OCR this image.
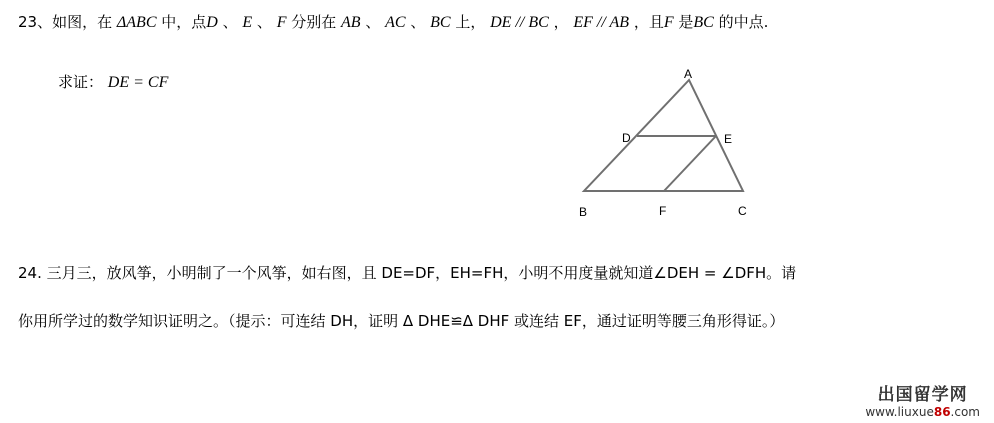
23、如图，在 ΔABC 中，点D 、 E 、 F 分别在 AB 、 AC 、 BC 上， DE // BC ， EF // AB ，且F 是BC 的中点.
求证： DE = CF	A
D	E
B	F	C
24. 三月三，放风筝，小明制了一个风筝，如右图，且 DE=DF，EH=FH，小明不用度量就知道∠DEH = ∠DFH。请
你用所学过的数学知识证明之。（提示：可连结 DH，证明 Δ DHE≌Δ DHF 或连结 EF，通过证明等腰三角形得证。）
出国留学网
www.liuxue86.com
